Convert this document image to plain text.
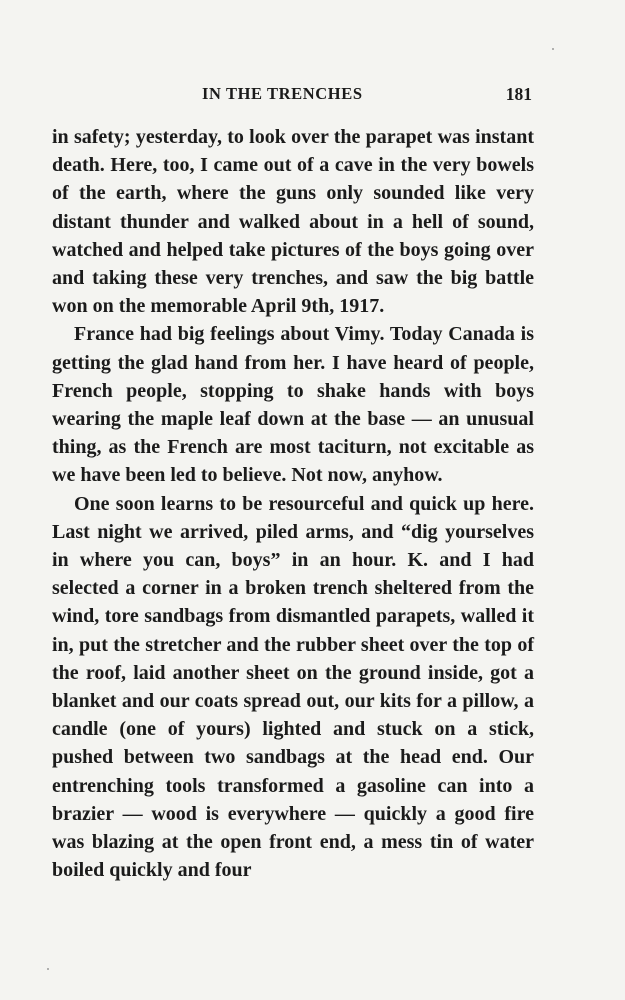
IN THE TRENCHES	181

in safety; yesterday, to look over the parapet was instant death. Here, too, I came out of a cave in the very bowels of the earth, where the guns only sounded like very distant thunder and walked about in a hell of sound, watched and helped take pictures of the boys going over and taking these very trenches, and saw the big battle won on the memorable April 9th, 1917.

France had big feelings about Vimy. Today Canada is getting the glad hand from her. I have heard of people, French people, stopping to shake hands with boys wearing the maple leaf down at the base — an unusual thing, as the French are most taciturn, not excitable as we have been led to believe. Not now, anyhow.

One soon learns to be resourceful and quick up here. Last night we arrived, piled arms, and “dig yourselves in where you can, boys” in an hour. K. and I had selected a corner in a broken trench sheltered from the wind, tore sandbags from dismantled parapets, walled it in, put the stretcher and the rubber sheet over the top of the roof, laid another sheet on the ground inside, got a blanket and our coats spread out, our kits for a pillow, a candle (one of yours) lighted and stuck on a stick, pushed between two sandbags at the head end. Our entrenching tools transformed a gasoline can into a brazier — wood is everywhere — quickly a good fire was blazing at the open front end, a mess tin of water boiled quickly and four
